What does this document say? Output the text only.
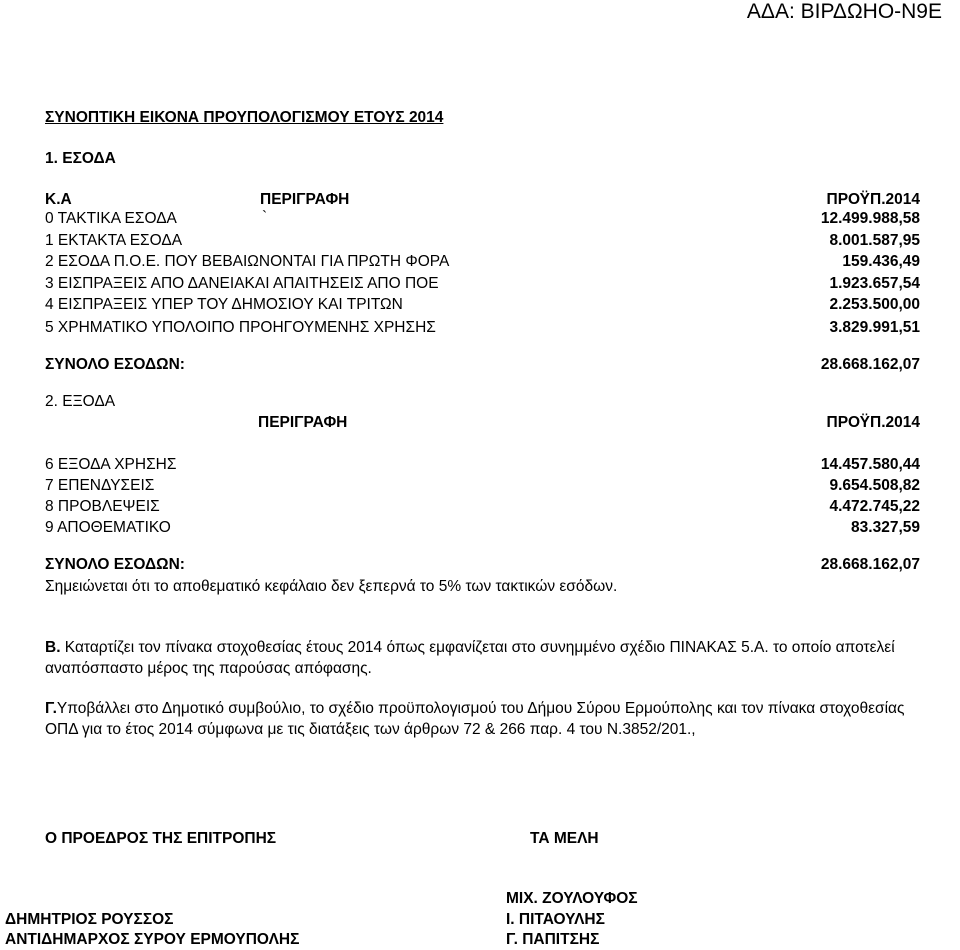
ΑΔΑ: ΒΙΡΔΩΗΟ-Ν9Ε
ΣΥΝΟΠΤΙΚΗ ΕΙΚΟΝΑ ΠΡΟΥΠΟΛΟΓΙΣΜΟΥ ΕΤΟΥΣ 2014
1. ΕΣΟΔΑ
Κ.Α	ΠΕΡΙΓΡΑΦΗ	ΠΡΟΫΠ.2014
0 ΤΑΚΤΙΚΑ ΕΣΟΔΑ	`	12.499.988,58
1 ΕΚΤΑΚΤΑ ΕΣΟΔΑ	8.001.587,95
2 ΕΣΟΔΑ Π.Ο.Ε. ΠΟΥ ΒΕΒΑΙΩΝΟΝΤΑΙ ΓΙΑ ΠΡΩΤΗ ΦΟΡΑ	159.436,49
3 ΕΙΣΠΡΑΞΕΙΣ ΑΠΟ ΔΑΝΕΙΑΚΑΙ ΑΠΑΙΤΗΣΕΙΣ ΑΠΟ ΠΟΕ	1.923.657,54
4 ΕΙΣΠΡΑΞΕΙΣ ΥΠΕΡ ΤΟΥ ΔΗΜΟΣΙΟΥ ΚΑΙ ΤΡΙΤΩΝ	2.253.500,00
5 ΧΡΗΜΑΤΙΚΟ ΥΠΟΛΟΙΠΟ ΠΡΟΗΓΟΥΜΕΝΗΣ ΧΡΗΣΗΣ	3.829.991,51
ΣΥΝΟΛΟ ΕΣΟΔΩΝ:	28.668.162,07
2. ΕΞΟΔΑ
ΠΕΡΙΓΡΑΦΗ	ΠΡΟΫΠ.2014
6 ΕΞΟΔΑ ΧΡΗΣΗΣ	14.457.580,44
7 ΕΠΕΝΔΥΣΕΙΣ	9.654.508,82
8 ΠΡΟΒΛΕΨΕΙΣ	4.472.745,22
9 ΑΠΟΘΕΜΑΤΙΚΟ	83.327,59
ΣΥΝΟΛΟ ΕΣΟΔΩΝ:	28.668.162,07
Σημειώνεται ότι το αποθεματικό κεφάλαιο δεν ξεπερνά το 5% των τακτικών εσόδων.
Β. Καταρτίζει τον πίνακα στοχοθεσίας έτους 2014 όπως εμφανίζεται στο συνημμένο σχέδιο ΠΙΝΑΚΑΣ 5.Α. το οποίο αποτελεί αναπόσπαστο μέρος της παρούσας απόφασης.
Γ.Υποβάλλει στο Δημοτικό συμβούλιο, το σχέδιο προϋπολογισμού του Δήμου Σύρου Ερμούπολης και τον πίνακα στοχοθεσίας ΟΠΔ για το έτος 2014 σύμφωνα με τις διατάξεις των άρθρων 72 & 266 παρ. 4 του Ν.3852/201.,
Ο ΠΡΟΕΔΡΟΣ ΤΗΣ ΕΠΙΤΡΟΠΗΣ	ΤΑ ΜΕΛΗ
ΜΙΧ. ΖΟΥΛΟΥΦΟΣ
ΔΗΜΗΤΡΙΟΣ ΡΟΥΣΣΟΣ	Ι. ΠΙΤΑΟΥΛΗΣ
ΑΝΤΙΔΗΜΑΡΧΟΣ ΣΥΡΟΥ ΕΡΜΟΥΠΟΛΗΣ	Γ. ΠΑΠΙΤΣΗΣ
